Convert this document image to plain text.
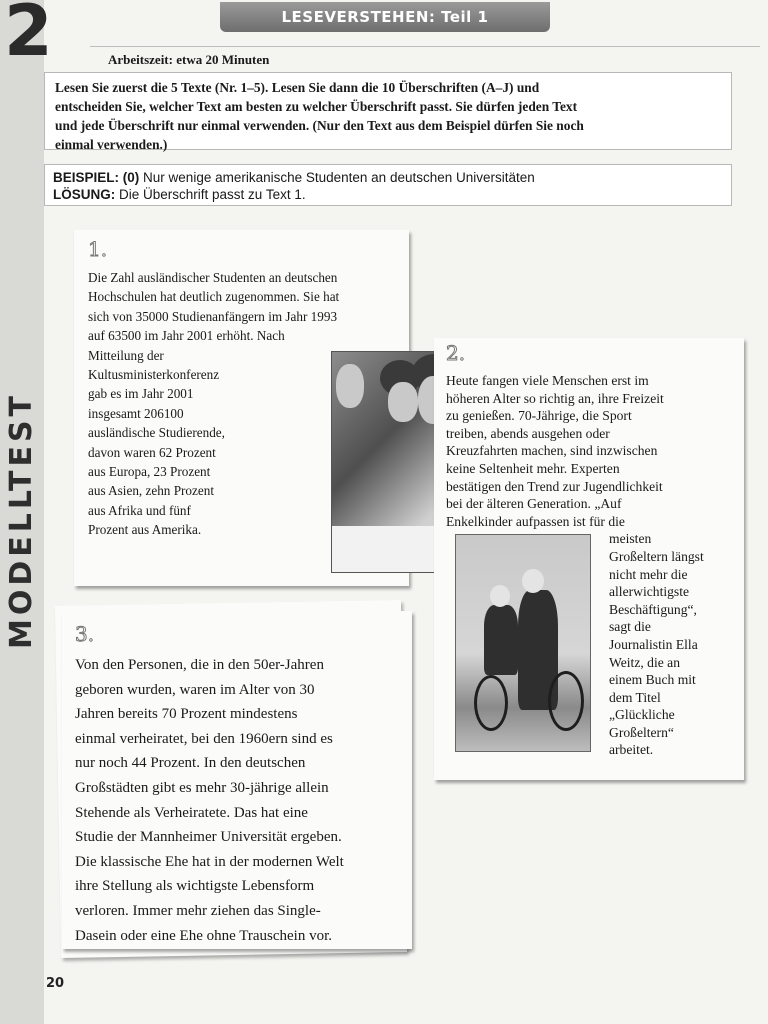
2
MODELLTEST
LESEVERSTEHEN: Teil 1
Arbeitszeit: etwa 20 Minuten
Lesen Sie zuerst die 5 Texte (Nr. 1–5). Lesen Sie dann die 10 Überschriften (A–J) und
entscheiden Sie, welcher Text am besten zu welcher Überschrift passt. Sie dürfen jeden Text
und jede Überschrift nur einmal verwenden. (Nur den Text aus dem Beispiel dürfen Sie noch
einmal verwenden.)
BEISPIEL: (0) Nur wenige amerikanische Studenten an deutschen Universitäten
LÖSUNG: Die Überschrift passt zu Text 1.
1.
Die Zahl ausländischer Studenten an deutschen
Hochschulen hat deutlich zugenommen. Sie hat
sich von 35000 Studienanfängern im Jahr 1993
auf 63500 im Jahr 2001 erhöht. Nach
Mitteilung der
Kultusministerkonferenz
gab es im Jahr 2001
insgesamt 206100
ausländische Studierende,
davon waren 62 Prozent
aus Europa, 23 Prozent
aus Asien, zehn Prozent
aus Afrika und fünf
Prozent aus Amerika.
2.
Heute fangen viele Menschen erst im
höheren Alter so richtig an, ihre Freizeit
zu genießen. 70-Jährige, die Sport
treiben, abends ausgehen oder
Kreuzfahrten machen, sind inzwischen
keine Seltenheit mehr. Experten
bestätigen den Trend zur Jugendlichkeit
bei der älteren Generation. „Auf
Enkelkinder aufpassen ist für die
meisten
Großeltern längst
nicht mehr die
allerwichtigste
Beschäftigung“,
sagt die
Journalistin Ella
Weitz, die an
einem Buch mit
dem Titel
„Glückliche
Großeltern“
arbeitet.
3.
Von den Personen, die in den 50er-Jahren
geboren wurden, waren im Alter von 30
Jahren bereits 70 Prozent mindestens
einmal verheiratet, bei den 1960ern sind es
nur noch 44 Prozent. In den deutschen
Großstädten gibt es mehr 30-jährige allein
Stehende als Verheiratete. Das hat eine
Studie der Mannheimer Universität ergeben.
Die klassische Ehe hat in der modernen Welt
ihre Stellung als wichtigste Lebensform
verloren. Immer mehr ziehen das Single-
Dasein oder eine Ehe ohne Trauschein vor.
20
